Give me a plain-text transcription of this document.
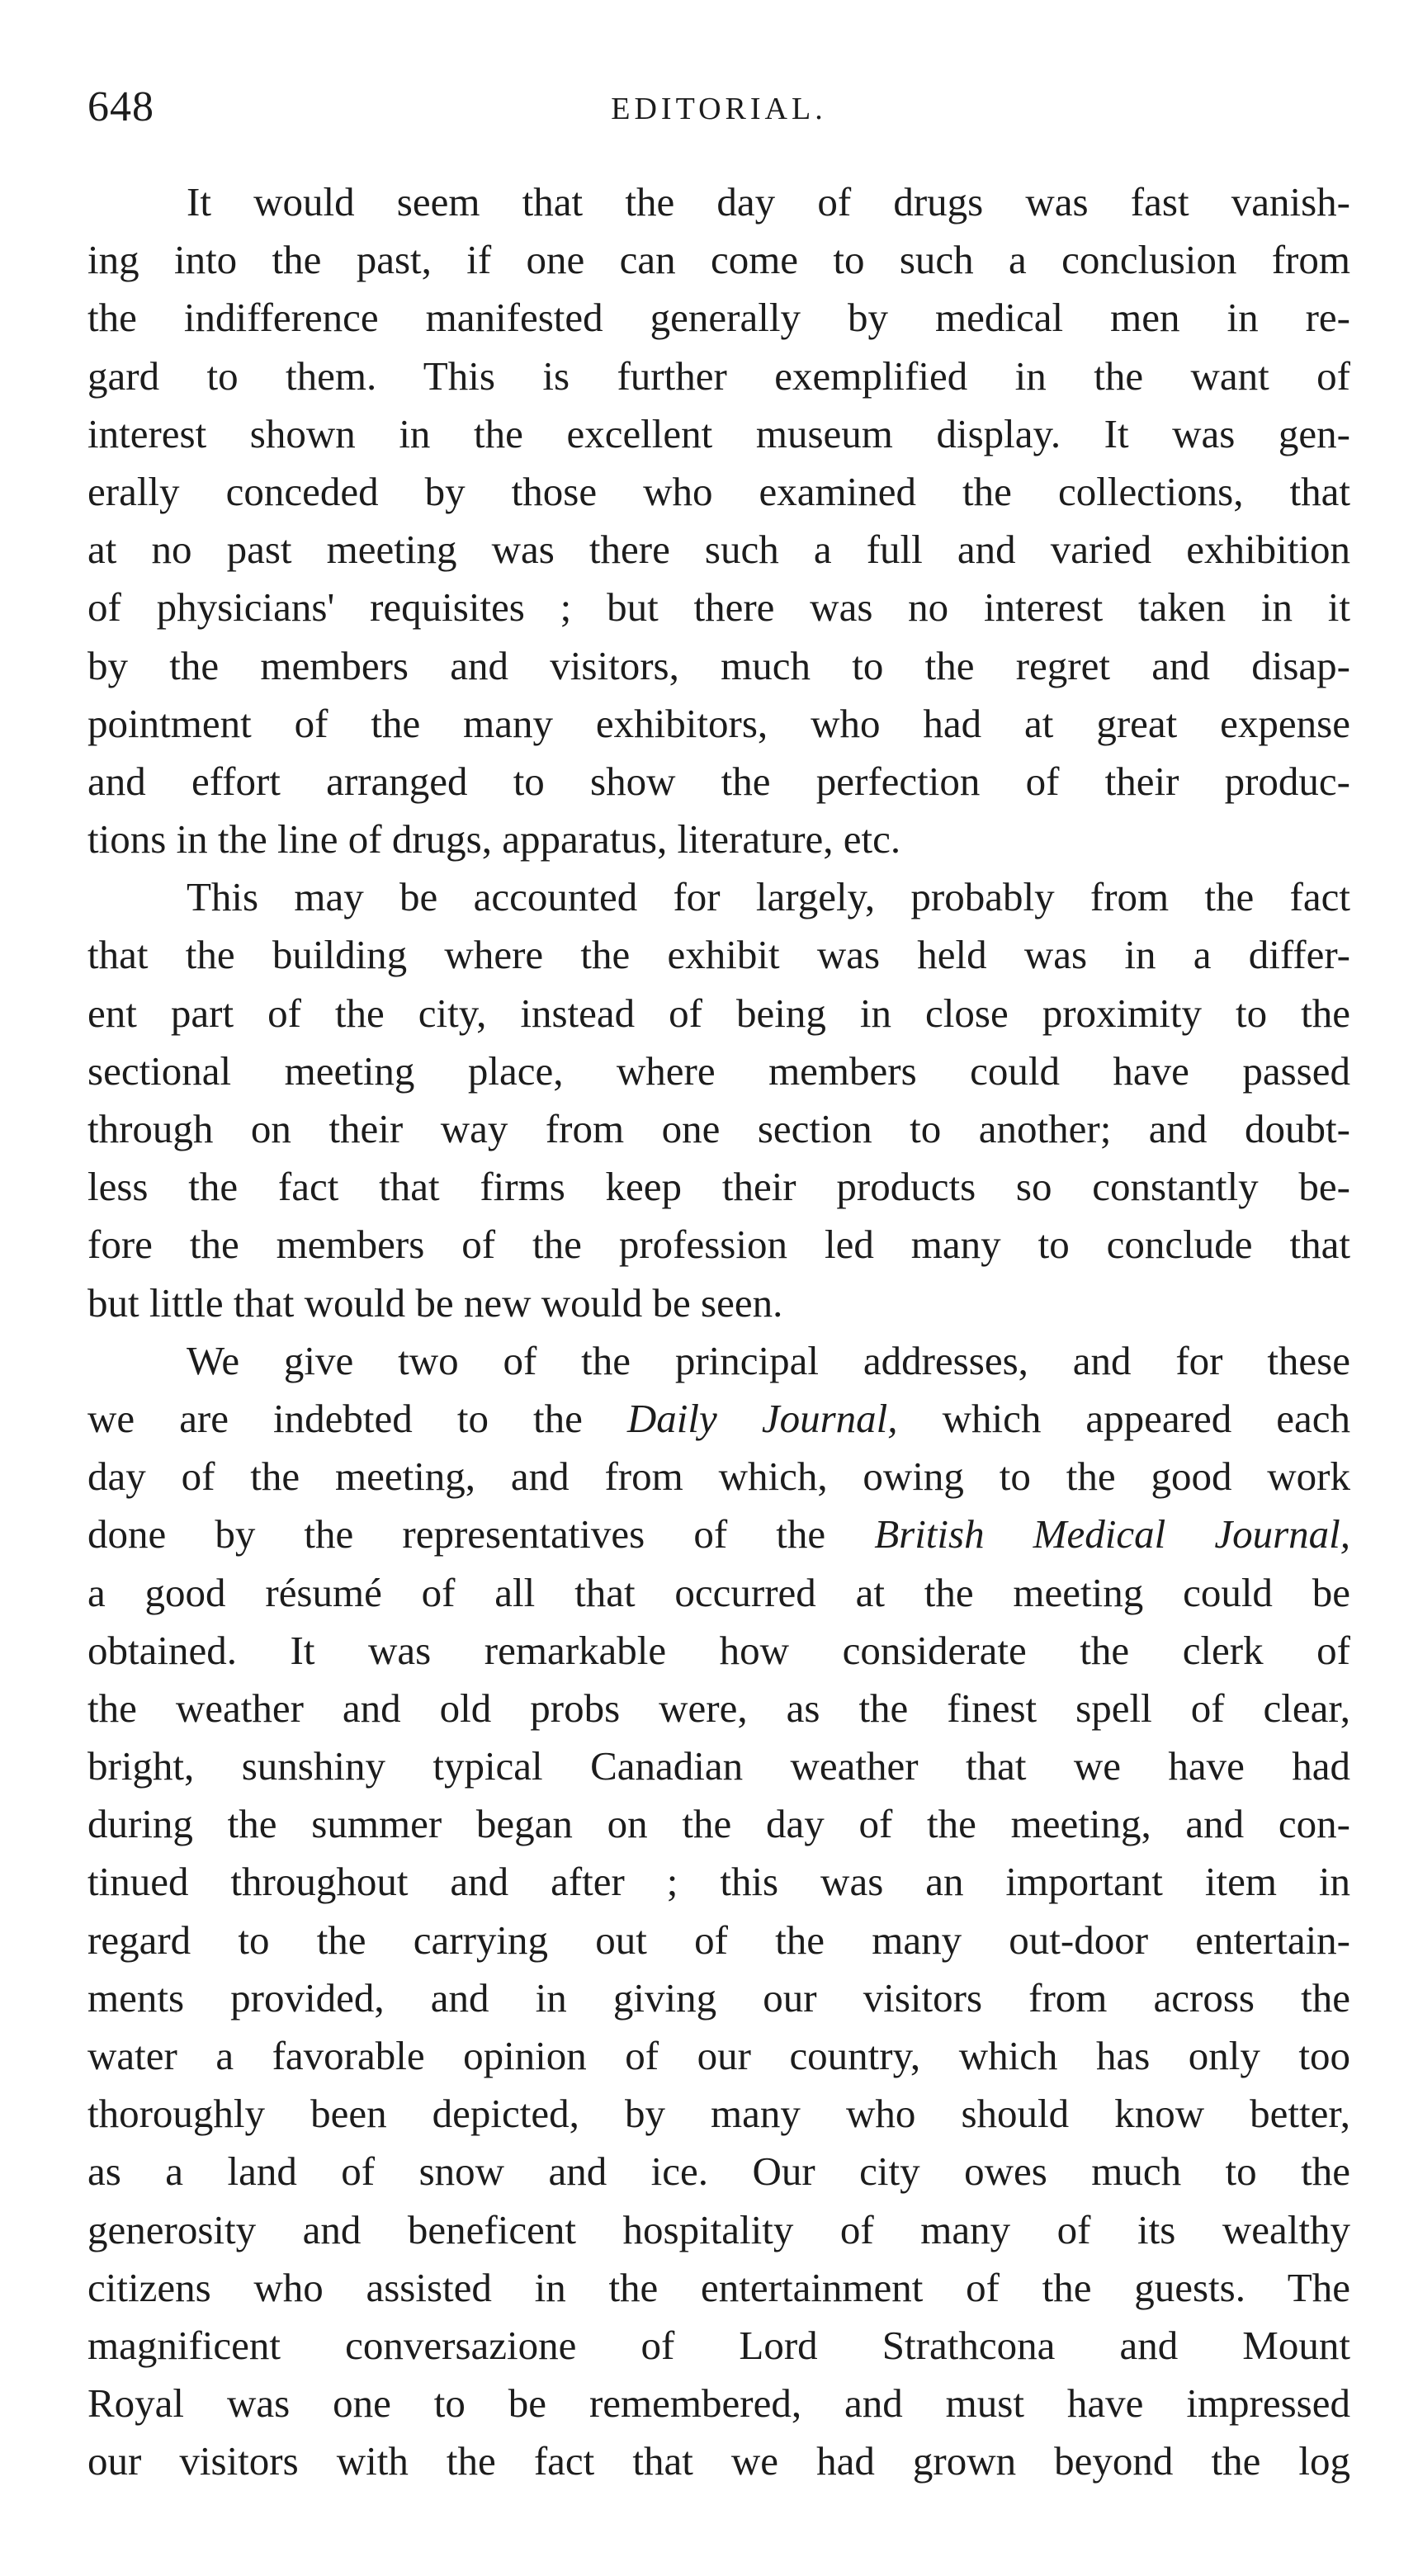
648	EDITORIAL.
It would seem that the day of drugs was fast vanish-
ing into the past, if one can come to such a conclusion from
the indifference manifested generally by medical men in re-
gard to them. This is further exemplified in the want of
interest shown in the excellent museum display. It was gen-
erally conceded by those who examined the collections, that
at no past meeting was there such a full and varied exhibition
of physicians' requisites ; but there was no interest taken in it
by the members and visitors, much to the regret and disap-
pointment of the many exhibitors, who had at great expense
and effort arranged to show the perfection of their produc-
tions in the line of drugs, apparatus, literature, etc.
This may be accounted for largely, probably from the fact
that the building where the exhibit was held was in a differ-
ent part of the city, instead of being in close proximity to the
sectional meeting place, where members could have passed
through on their way from one section to another; and doubt-
less the fact that firms keep their products so constantly be-
fore the members of the profession led many to conclude that
but little that would be new would be seen.
We give two of the principal addresses, and for these
we are indebted to the Daily Journal, which appeared each
day of the meeting, and from which, owing to the good work
done by the representatives of the British Medical Journal,
a good résumé of all that occurred at the meeting could be
obtained. It was remarkable how considerate the clerk of
the weather and old probs were, as the finest spell of clear,
bright, sunshiny typical Canadian weather that we have had
during the summer began on the day of the meeting, and con-
tinued throughout and after ; this was an important item in
regard to the carrying out of the many out-door entertain-
ments provided, and in giving our visitors from across the
water a favorable opinion of our country, which has only too
thoroughly been depicted, by many who should know better,
as a land of snow and ice. Our city owes much to the
generosity and beneficent hospitality of many of its wealthy
citizens who assisted in the entertainment of the guests. The
magnificent conversazione of Lord Strathcona and Mount
Royal was one to be remembered, and must have impressed
our visitors with the fact that we had grown beyond the log
